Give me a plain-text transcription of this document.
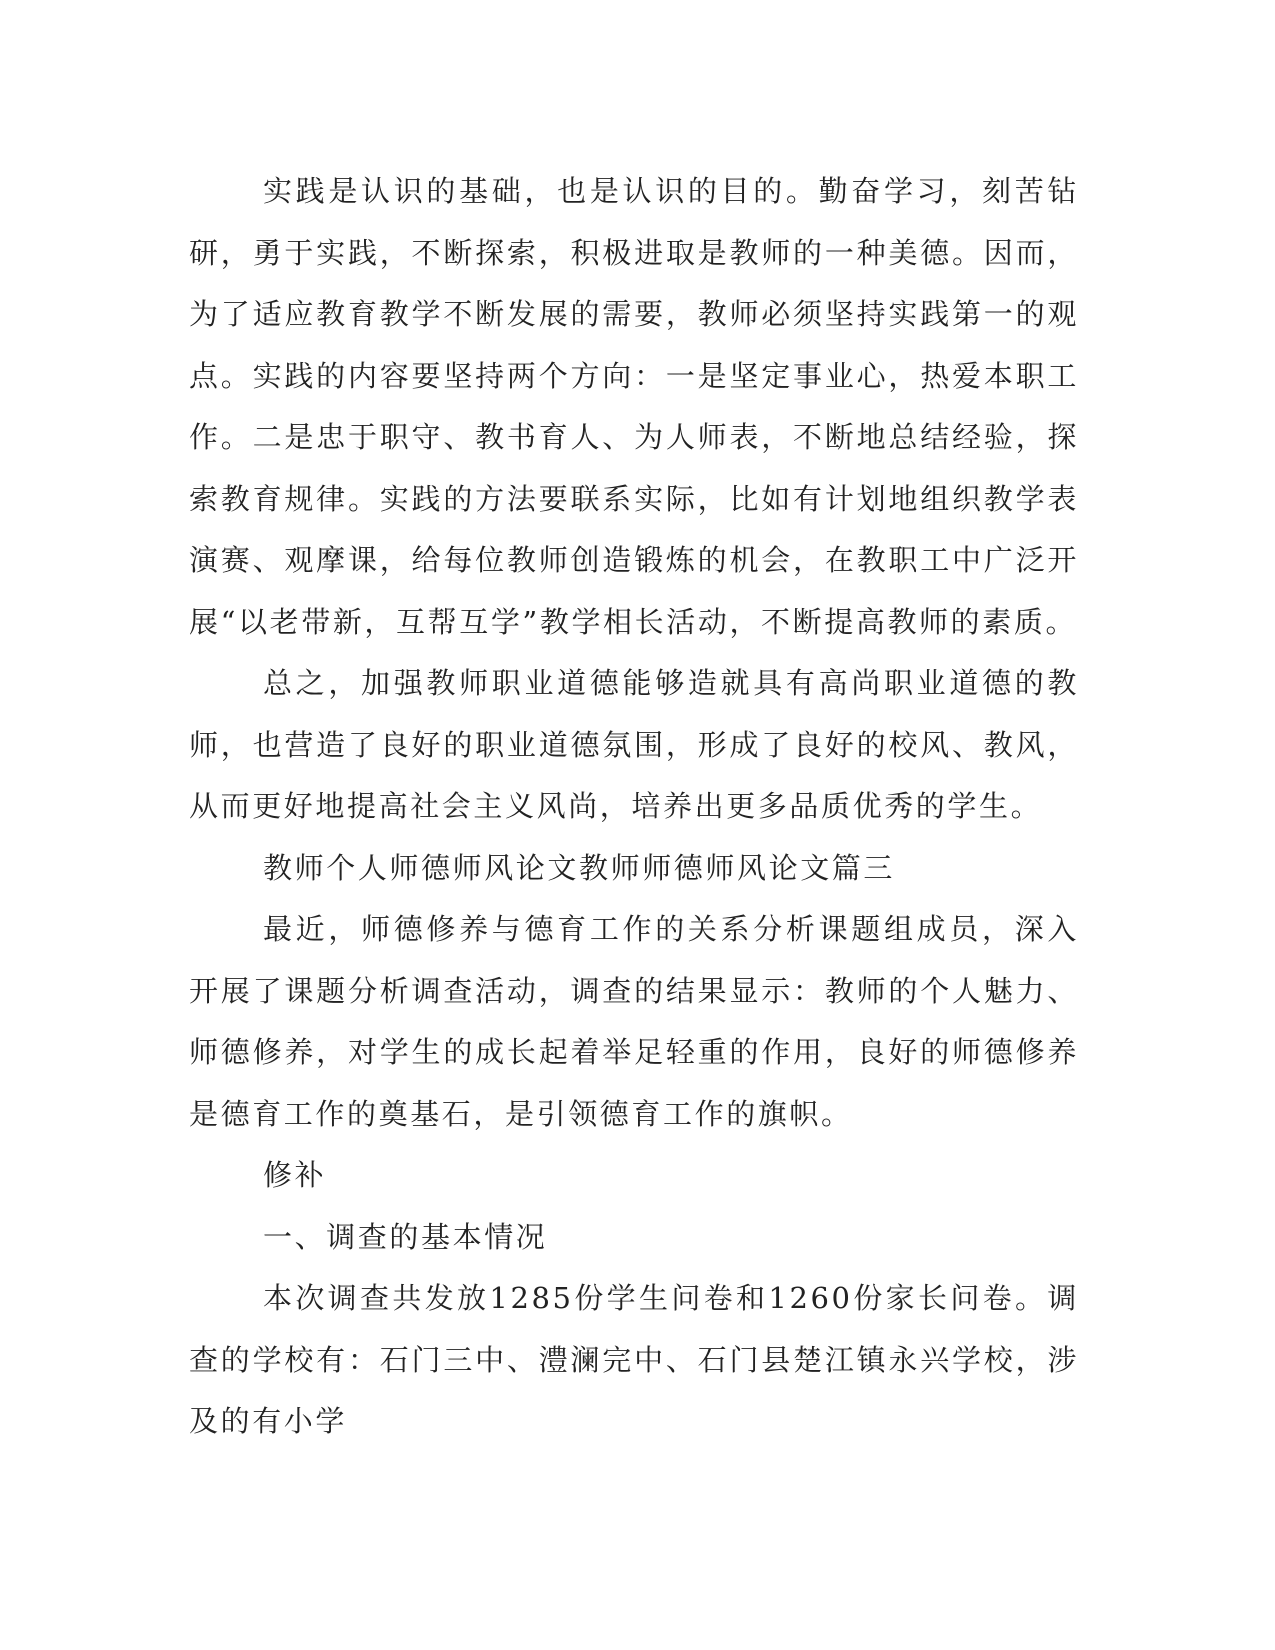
实践是认识的基础，也是认识的目的。勤奋学习，刻苦钻研，勇于实践，不断探索，积极进取是教师的一种美德。因而，为了适应教育教学不断发展的需要，教师必须坚持实践第一的观点。实践的内容要坚持两个方向：一是坚定事业心，热爱本职工作。二是忠于职守、教书育人、为人师表，不断地总结经验，探索教育规律。实践的方法要联系实际，比如有计划地组织教学表演赛、观摩课，给每位教师创造锻炼的机会，在教职工中广泛开展“以老带新，互帮互学”教学相长活动，不断提高教师的素质。

总之，加强教师职业道德能够造就具有高尚职业道德的教师，也营造了良好的职业道德氛围，形成了良好的校风、教风，从而更好地提高社会主义风尚，培养出更多品质优秀的学生。

教师个人师德师风论文教师师德师风论文篇三

最近，师德修养与德育工作的关系分析课题组成员，深入开展了课题分析调查活动，调查的结果显示：教师的个人魅力、师德修养，对学生的成长起着举足轻重的作用，良好的师德修养是德育工作的奠基石，是引领德育工作的旗帜。

修补

一、调查的基本情况

本次调查共发放1285份学生问卷和1260份家长问卷。调查的学校有：石门三中、澧澜完中、石门县楚江镇永兴学校，涉及的有小学
